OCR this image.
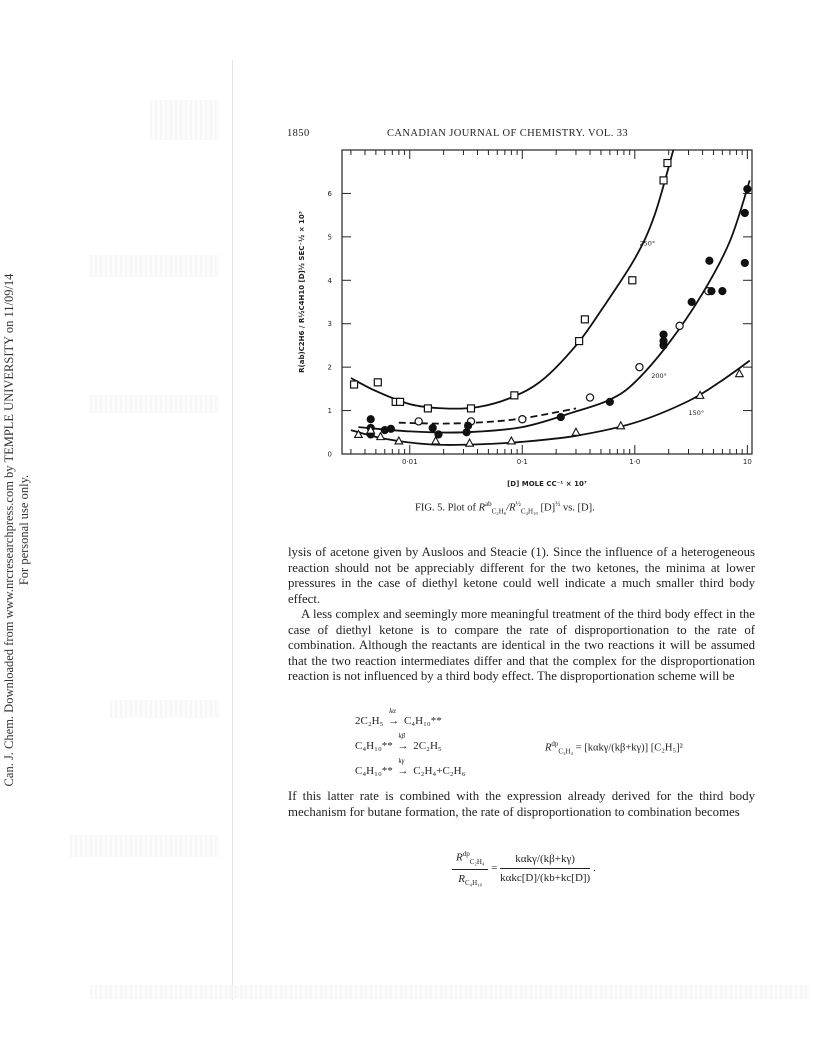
Can. J. Chem. Downloaded from www.nrcresearchpress.com by TEMPLE UNIVERSITY on 11/09/14 For personal use only.
1850	CANADIAN JOURNAL OF CHEMISTRY. VOL. 33
0·01	0·1	1·0	10
0
1
2
3
4
5
6
[D] MOLE CC⁻¹ × 10⁷
R(ab)C2H6 / R½C4H10 [D]½ SEC⁻½ × 10³	250°
200°
150°
FIG. 5. Plot of $R^{ab}_{C_2H_6}/R^{\frac{1}{2}}_{C_4H_{10}}$ $[D]^{\frac{1}{2}}$ vs. [D].

lysis of acetone given by Ausloos and Steacie (1). Since the influence of a heterogeneous reaction should not be appreciably different for the two ketones, the minima at lower pressures in the case of diethyl ketone could well indicate a much smaller third body effect.

A less complex and seemingly more meaningful treatment of the third body effect in the case of diethyl ketone is to compare the rate of disproportionation to the rate of combination. Although the reactants are identical in the two reactions it will be assumed that the two reaction intermediates differ and that the complex for the disproportionation reaction is not influenced by a third body effect. The disproportionation scheme will be

2C₂H₅
kα
→ C₄H₁₀**
C₄H₁₀**
kβ
→ 2C₂H₅
C₄H₁₀**
kγ
→ C₂H₄+C₂H₆
$R^{dp}_{C_2H_4} = [k\alpha k\gamma/(k\beta+k\gamma)]$ [C₂H₅]²
If this latter rate is combined with the expression already derived for the third body mechanism for butane formation, the rate of disproportionation to combination becomes
$\frac{R^{dp}_{C_2H_4}}{R_{C_4H_{10}}} = \frac{\text{kαkγ/(kβ+kγ)}}{\text{kαkc[D]/(kb+kc[D])}}$ .
